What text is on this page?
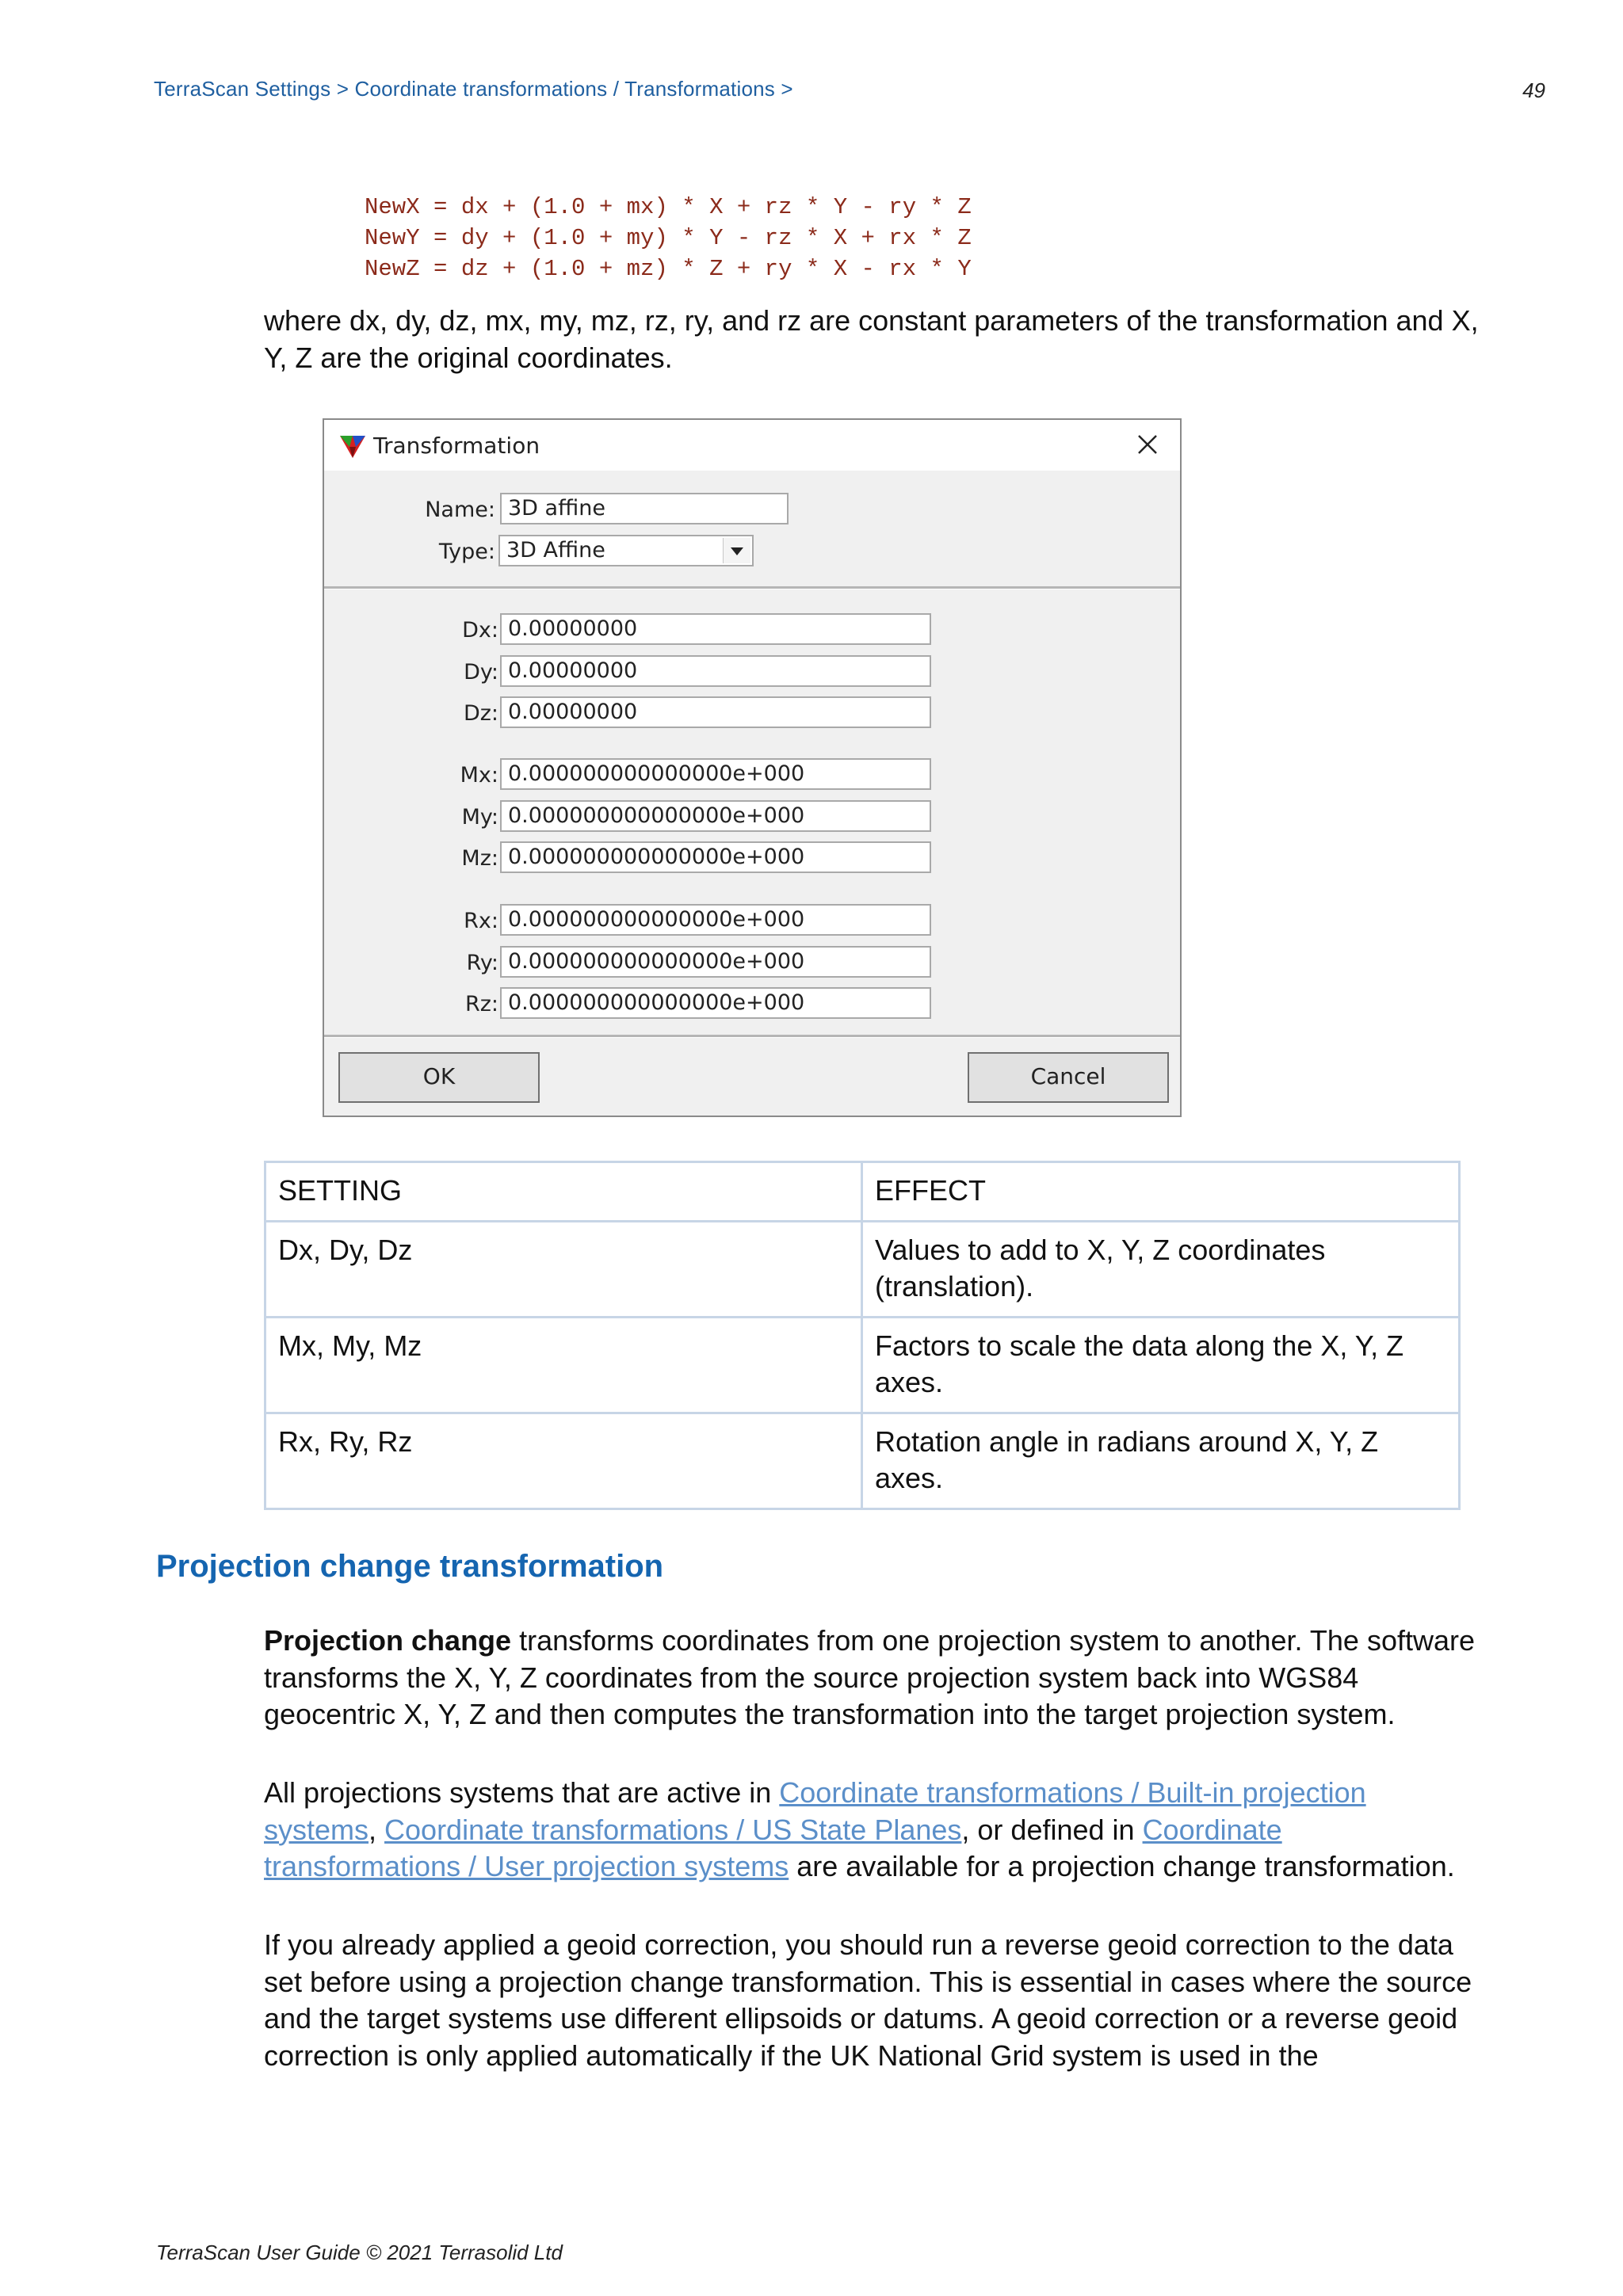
TerraScan Settings > Coordinate transformations / Transformations >	49
NewX = dx + (1.0 + mx) * X + rz * Y - ry * Z
NewY = dy + (1.0 + my) * Y - rz * X + rx * Z
NewZ = dz + (1.0 + mz) * Z + ry * X - rx * Y
where dx, dy, dz, mx, my, mz, rz, ry, and rz are constant parameters of the transformation and X, Y, Z are the original coordinates.
Transformation
Name: 3D affine
Type: 3D Affine
Dx: 0.00000000
Dy: 0.00000000
Dz: 0.00000000
Mx: 0.000000000000000e+000
My: 0.000000000000000e+000
Mz: 0.000000000000000e+000
Rx: 0.000000000000000e+000
Ry: 0.000000000000000e+000
Rz: 0.000000000000000e+000
OK	Cancel
SETTING	EFFECT
Dx, Dy, Dz	Values to add to X, Y, Z coordinates (translation).
Mx, My, Mz	Factors to scale the data along the X, Y, Z axes.
Rx, Ry, Rz	Rotation angle in radians around X, Y, Z axes.
Projection change transformation
Projection change transforms coordinates from one projection system to another. The software transforms the X, Y, Z coordinates from the source projection system back into WGS84 geocentric X, Y, Z and then computes the transformation into the target projection system.
All projections systems that are active in Coordinate transformations / Built-in projection systems, Coordinate transformations / US State Planes, or defined in Coordinate transformations / User projection systems are available for a projection change transformation.
If you already applied a geoid correction, you should run a reverse geoid correction to the data set before using a projection change transformation. This is essential in cases where the source and the target systems use different ellipsoids or datums. A geoid correction or a reverse geoid correction is only applied automatically if the UK National Grid system is used in the
TerraScan User Guide © 2021 Terrasolid Ltd
